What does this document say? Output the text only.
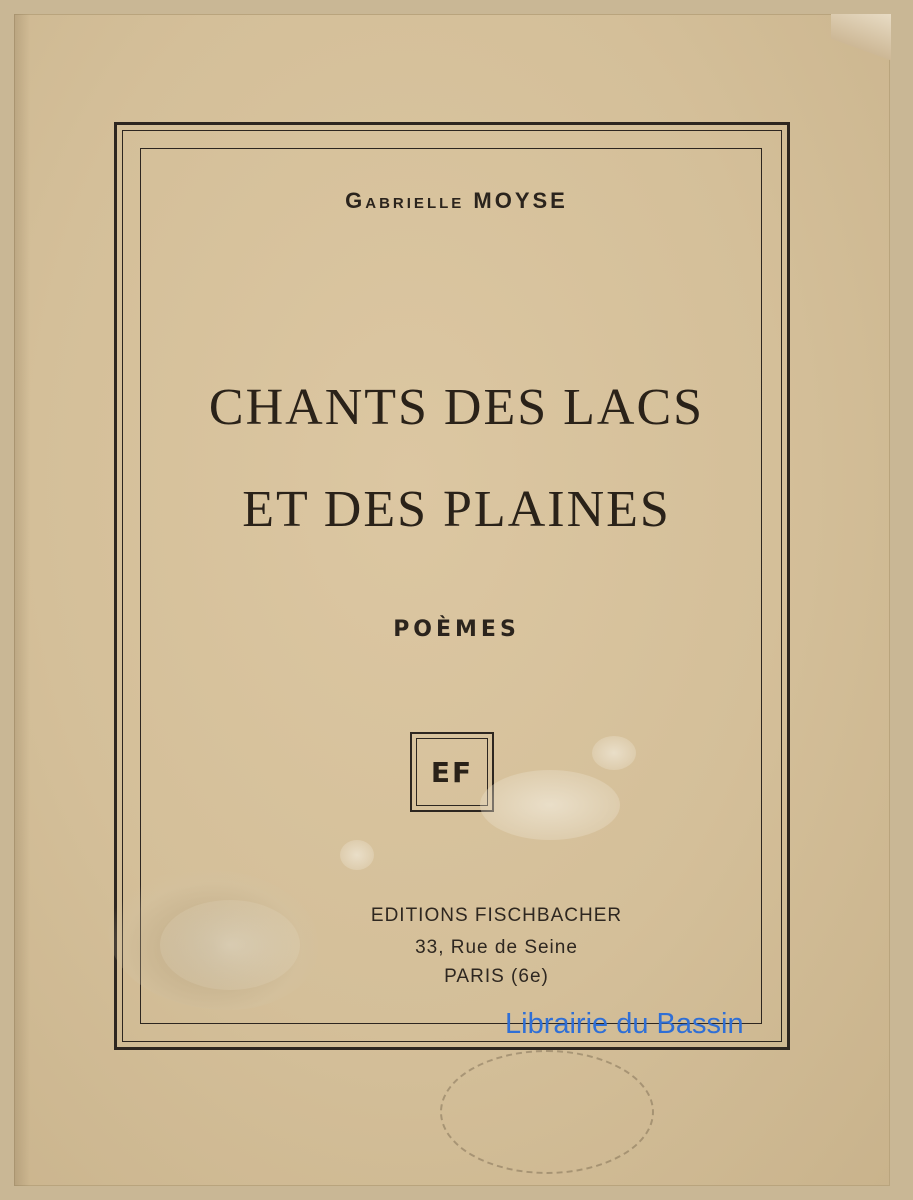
Gabrielle MOYSE
CHANTS DES LACS
ET DES PLAINES
POÈMES
EF
EDITIONS FISCHBACHER
33, Rue de Seine
PARIS (6e)
Librairie du Bassin
